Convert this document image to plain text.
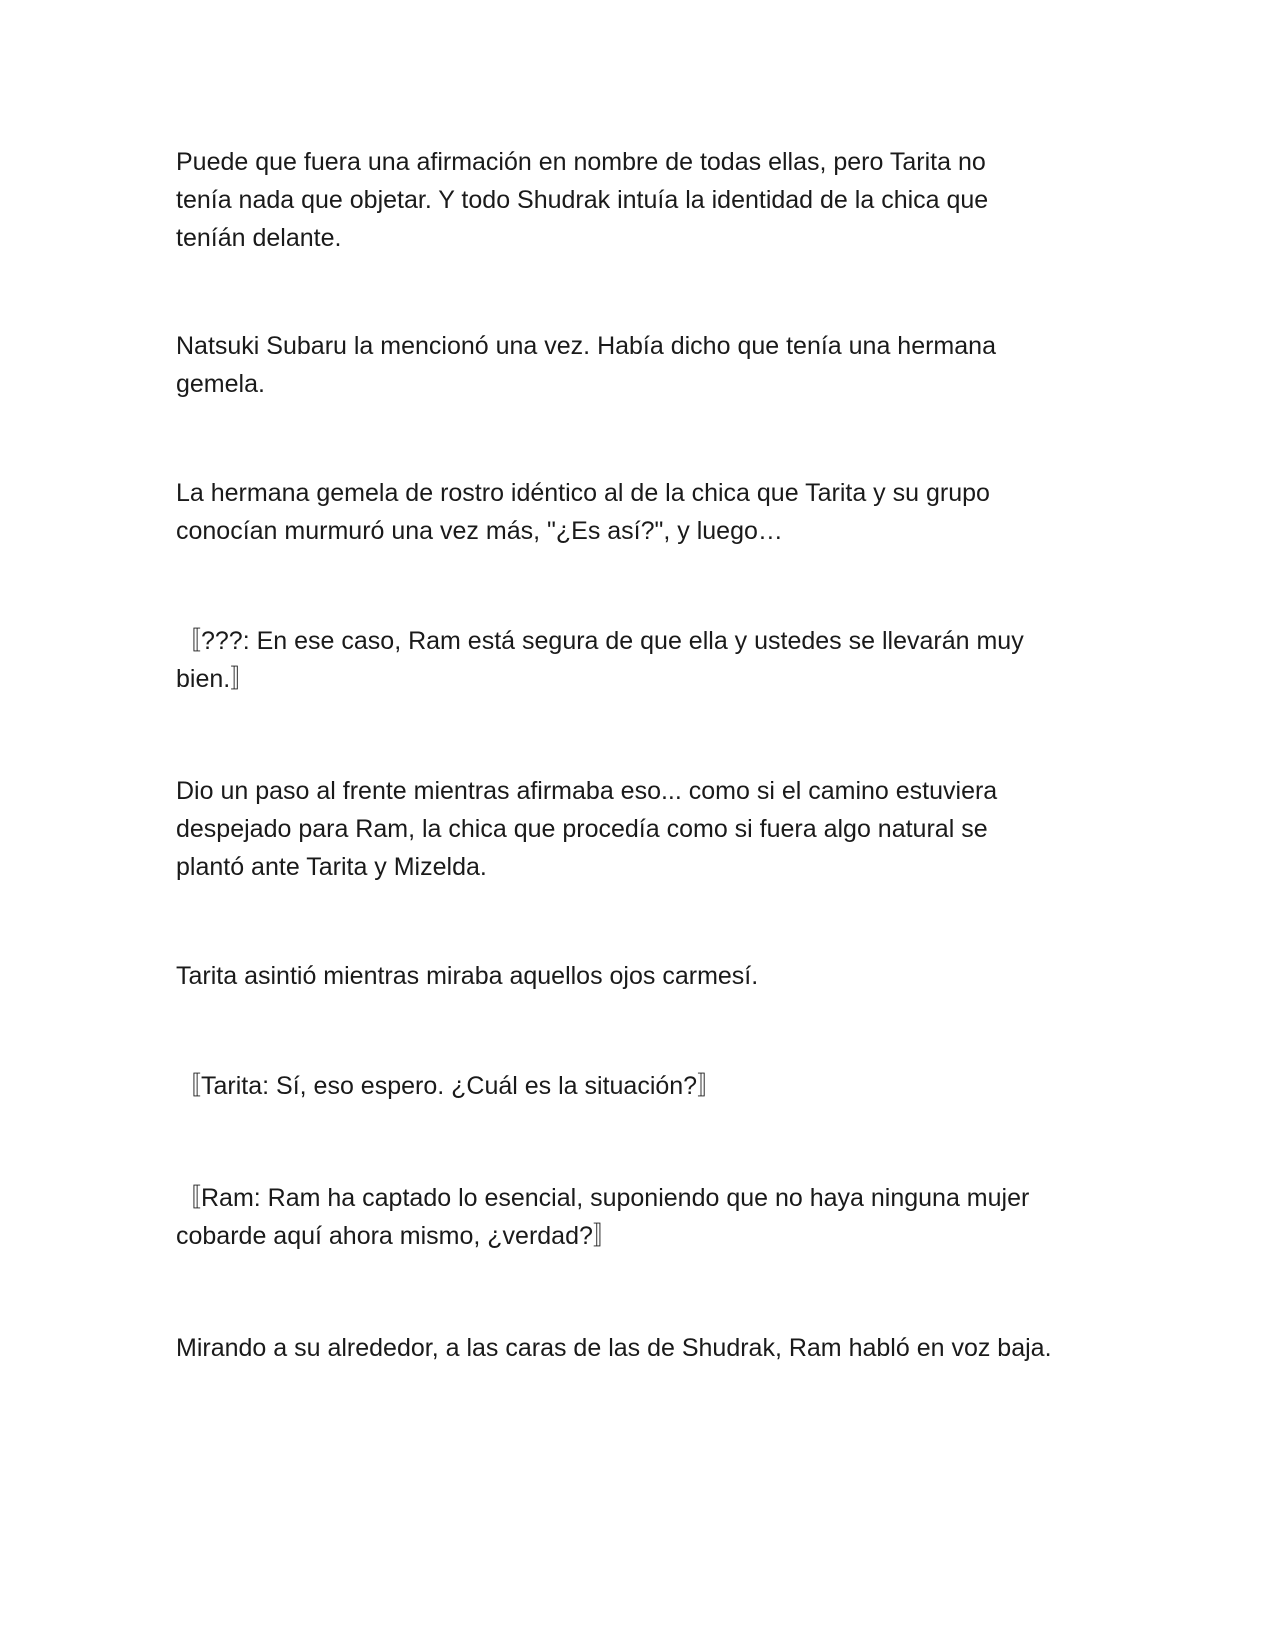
Puede que fuera una afirmación en nombre de todas ellas, pero Tarita no
tenía nada que objetar. Y todo Shudrak intuía la identidad de la chica que
teníán delante.

Natsuki Subaru la mencionó una vez. Había dicho que tenía una hermana
gemela.

La hermana gemela de rostro idéntico al de la chica que Tarita y su grupo
conocían murmuró una vez más, "¿Es así?", y luego…

〚???: En ese caso, Ram está segura de que ella y ustedes se llevarán muy
bien.〛

Dio un paso al frente mientras afirmaba eso... como si el camino estuviera
despejado para Ram, la chica que procedía como si fuera algo natural se
plantó ante Tarita y Mizelda.

Tarita asintió mientras miraba aquellos ojos carmesí.

〚Tarita: Sí, eso espero. ¿Cuál es la situación?〛

〚Ram: Ram ha captado lo esencial, suponiendo que no haya ninguna mujer
cobarde aquí ahora mismo, ¿verdad?〛

Mirando a su alrededor, a las caras de las de Shudrak, Ram habló en voz baja.
